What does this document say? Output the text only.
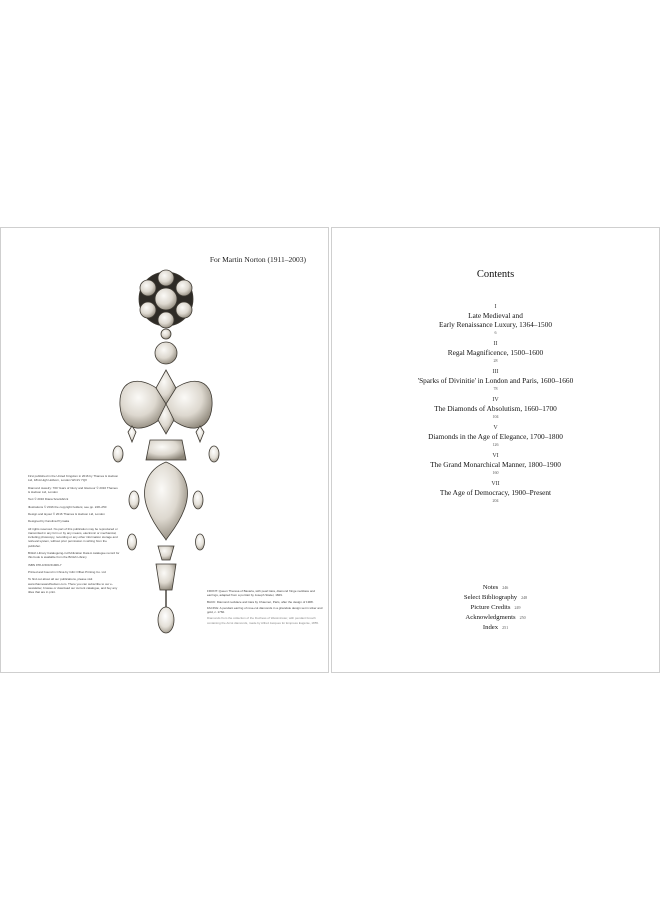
For Martin Norton (1911–2003)

First published in the United Kingdom in 2016 by Thames & Hudson Ltd, 181A High Holborn, London WC1V 7QX

Diamond Jewelry: 700 Years of Glory and Glamour © 2016 Thames & Hudson Ltd, London

Text © 2016 Diana Scarisbrick

Illustrations © 2016 the copyright holders; see pp. 248–250

Design and layout © 2016 Thames & Hudson Ltd, London

Designed by Karolina Prymaka

All rights reserved. No part of this publication may be reproduced or transmitted in any form or by any means, electronic or mechanical, including photocopy, recording or any other information storage and retrieval system, without prior permission in writing from the publisher.

British Library Cataloguing-in-Publication Data A catalogue record for this book is available from the British Library

ISBN 978-0-500-51909-7

Printed and bound in China by C&C Offset Printing Co. Ltd

To find out about all our publications, please visit www.thamesandhudson.com. There you can subscribe to our e-newsletter, browse or download our current catalogue, and buy any titles that are in print.	FRONT: Queen Theresa of Bavaria, with pearl tiara, diamond fringe necklace and earrings, adapted from a portrait by Joseph Stieler, 1829.

BACK: Diamond necklace and tiara by Chaumet, Paris, after the design of 1908.

FACING: A pendant earring of rose-cut diamonds in a girandole design set in silver and gold, c. 1760.

Diamonds from the collection of the Duchess of Westminster, with pendant brooch containing the Arcot diamonds, made by Alfred Jacques for Empress Eugénie, 1855.

Contents
I
Late Medieval and
Early Renaissance Luxury, 1364–1500
6
II
Regal Magnificence, 1500–1600
28
III
'Sparks of Divinitie' in London and Paris, 1600–1660
78
IV
The Diamonds of Absolutism, 1660–1700
104
V
Diamonds in the Age of Elegance, 1700–1800
126
VI
The Grand Monarchical Manner, 1800–1900
160
VII
The Age of Democracy, 1900–Present
204
Notes 246
Select Bibliography 248
Picture Credits 249
Acknowledgments 250
Index 251
